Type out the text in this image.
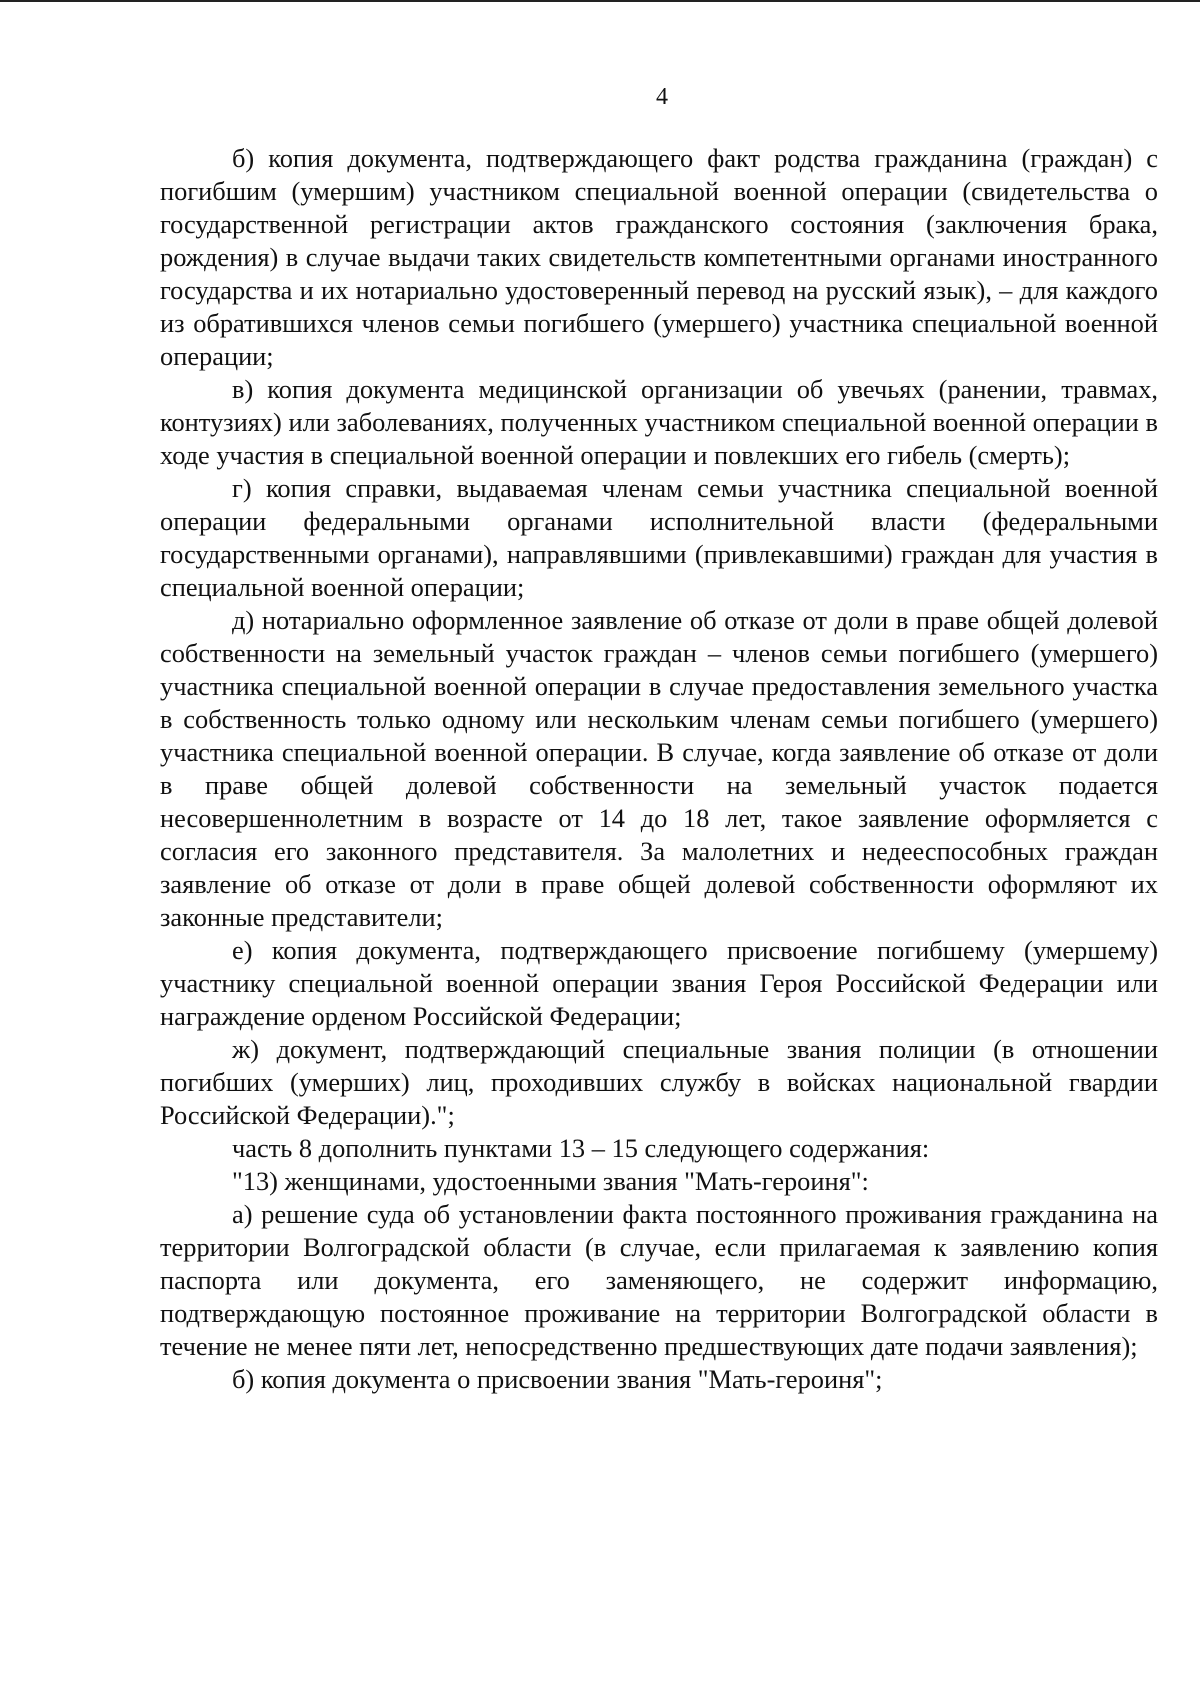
4

б) копия документа, подтверждающего факт родства гражданина (граждан) с погибшим (умершим) участником специальной военной операции (свидетельства о государственной регистрации актов гражданского состояния (заключения брака, рождения) в случае выдачи таких свидетельств компетентными органами иностранного государства и их нотариально удостоверенный перевод на русский язык), – для каждого из обратившихся членов семьи погибшего (умершего) участника специальной военной операции;

в) копия документа медицинской организации об увечьях (ранении, травмах, контузиях) или заболеваниях, полученных участником специальной военной операции в ходе участия в специальной военной операции и повлекших его гибель (смерть);

г) копия справки, выдаваемая членам семьи участника специальной военной операции федеральными органами исполнительной власти (федеральными государственными органами), направлявшими (привлекавшими) граждан для участия в специальной военной операции;

д) нотариально оформленное заявление об отказе от доли в праве общей долевой собственности на земельный участок граждан – членов семьи погибшего (умершего) участника специальной военной операции в случае предоставления земельного участка в собственность только одному или нескольким членам семьи погибшего (умершего) участника специальной военной операции. В случае, когда заявление об отказе от доли в праве общей долевой собственности на земельный участок подается несовершеннолетним в возрасте от 14 до 18 лет, такое заявление оформляется с согласия его законного представителя. За малолетних и недееспособных граждан заявление об отказе от доли в праве общей долевой собственности оформляют их законные представители;

е) копия документа, подтверждающего присвоение погибшему (умершему) участнику специальной военной операции звания Героя Российской Федерации или награждение орденом Российской Федерации;

ж) документ, подтверждающий специальные звания полиции (в отношении погибших (умерших) лиц, проходивших службу в войсках национальной гвардии Российской Федерации).";

часть 8 дополнить пунктами 13 – 15 следующего содержания:

"13) женщинами, удостоенными звания "Мать-героиня":

а) решение суда об установлении факта постоянного проживания гражданина на территории Волгоградской области (в случае, если прилагаемая к заявлению копия паспорта или документа, его заменяющего, не содержит информацию, подтверждающую постоянное проживание на территории Волгоградской области в течение не менее пяти лет, непосредственно предшествующих дате подачи заявления);

б) копия документа о присвоении звания "Мать-героиня";
